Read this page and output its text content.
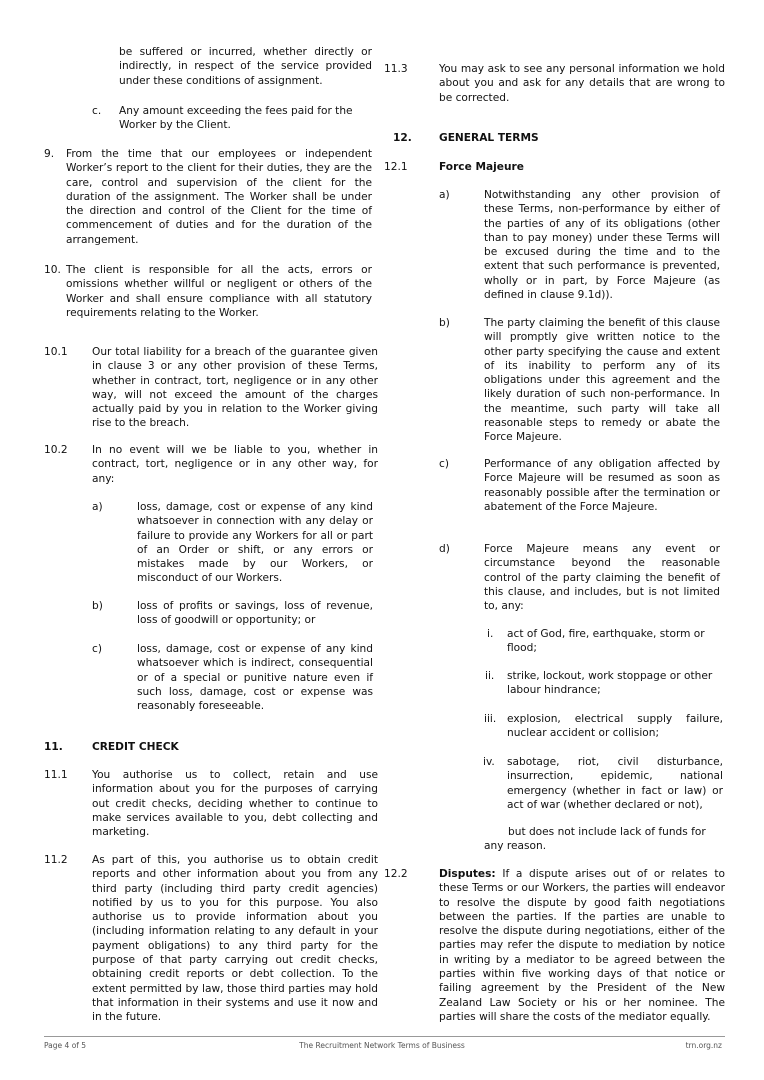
be suffered or incurred, whether directly or indirectly, in respect of the service provided under these conditions of assignment.
c. Any amount exceeding the fees paid for the Worker by the Client.
9. From the time that our employees or independent Worker’s report to the client for their duties, they are the care, control and supervision of the client for the duration of the assignment. The Worker shall be under the direction and control of the Client for the time of commencement of duties and for the duration of the arrangement.
10. The client is responsible for all the acts, errors or omissions whether willful or negligent or others of the Worker and shall ensure compliance with all statutory requirements relating to the Worker.
10.1 Our total liability for a breach of the guarantee given in clause 3 or any other provision of these Terms, whether in contract, tort, negligence or in any other way, will not exceed the amount of the charges actually paid by you in relation to the Worker giving rise to the breach.
10.2 In no event will we be liable to you, whether in contract, tort, negligence or in any other way, for any:
a)	loss, damage, cost or expense of any kind whatsoever in connection with any delay or failure to provide any Workers for all or part of an Order or shift, or any errors or mistakes made by our Workers, or misconduct of our Workers.
b)	loss of profits or savings, loss of revenue, loss of goodwill or opportunity; or
c)	loss, damage, cost or expense of any kind whatsoever which is indirect, consequential or of a special or punitive nature even if such loss, damage, cost or expense was reasonably foreseeable.
11.	CREDIT CHECK
11.1 You authorise us to collect, retain and use information about you for the purposes of carrying out credit checks, deciding whether to continue to make services available to you, debt collecting and marketing.
11.2 As part of this, you authorise us to obtain credit reports and other information about you from any third party (including third party credit agencies) notified by us to you for this purpose. You also authorise us to provide information about you (including information relating to any default in your payment obligations) to any third party for the purpose of that party carrying out credit checks, obtaining credit reports or debt collection. To the extent permitted by law, those third parties may hold that information in their systems and use it now and in the future.
11.3	You may ask to see any personal information we hold about you and ask for any details that are wrong to be corrected.
12.	GENERAL TERMS
12.1	Force Majeure
a)	Notwithstanding any other provision of these Terms, non-performance by either of the parties of any of its obligations (other than to pay money) under these Terms will be excused during the time and to the extent that such performance is prevented, wholly or in part, by Force Majeure (as defined in clause 9.1d)).
b)	The party claiming the benefit of this clause will promptly give written notice to the other party specifying the cause and extent of its inability to perform any of its obligations under this agreement and the likely duration of such non-performance. In the meantime, such party will take all reasonable steps to remedy or abate the Force Majeure.
c)	Performance of any obligation affected by Force Majeure will be resumed as soon as reasonably possible after the termination or abatement of the Force Majeure.
d)	Force Majeure means any event or circumstance beyond the reasonable control of the party claiming the benefit of this clause, and includes, but is not limited to, any:
i. act of God, fire, earthquake, storm or flood;
ii. strike, lockout, work stoppage or other labour hindrance;
iii. explosion, electrical supply failure, nuclear accident or collision;
iv. sabotage, riot, civil disturbance, insurrection, epidemic, national emergency (whether in fact or law) or act of war (whether declared or not),
but does not include lack of funds for any reason.
12.2	Disputes: If a dispute arises out of or relates to these Terms or our Workers, the parties will endeavor to resolve the dispute by good faith negotiations between the parties. If the parties are unable to resolve the dispute during negotiations, either of the parties may refer the dispute to mediation by notice in writing by a mediator to be agreed between the parties within five working days of that notice or failing agreement by the President of the New Zealand Law Society or his or her nominee. The parties will share the costs of the mediator equally.
Page 4 of 5	The Recruitment Network Terms of Business	trn.org.nz
